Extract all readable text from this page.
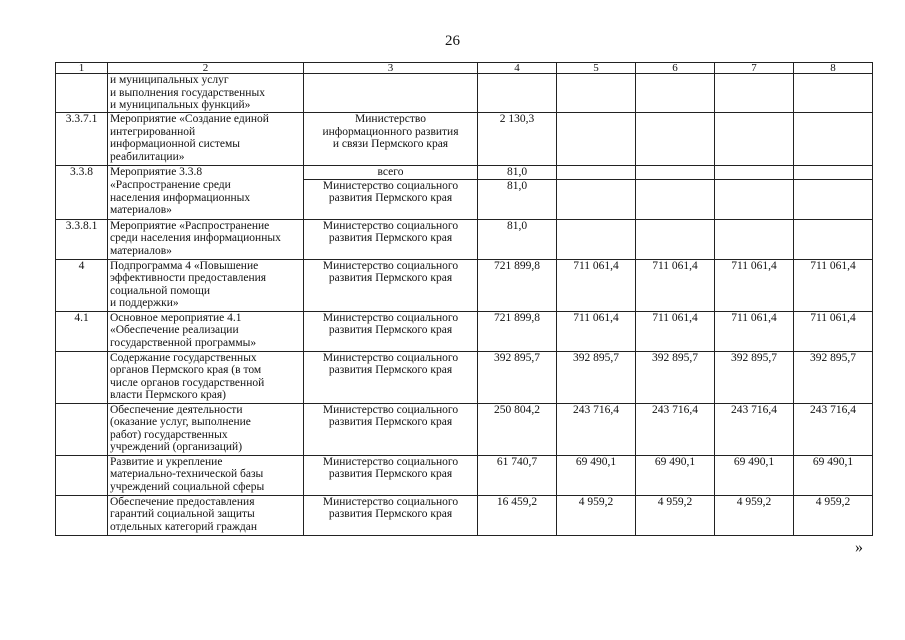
26
1	2	3	4	5	6	7	8
	и муниципальных услуг
и выполнения государственных
и муниципальных функций»						
3.3.7.1	Мероприятие «Создание единой
интегрированной
информационной системы
реабилитации»	Министерство
информационного развития
и связи Пермского края	2 130,3				
3.3.8	Мероприятие 3.3.8	всего	81,0				
	«Распространение среди
населения информационных
материалов»	Министерство социального
развития Пермского края	81,0				
3.3.8.1	Мероприятие «Распространение
среди населения информационных
материалов»	Министерство социального
развития Пермского края	81,0				
4	Подпрограмма 4 «Повышение
эффективности предоставления
социальной помощи
и поддержки»	Министерство социального
развития Пермского края	721 899,8	711 061,4	711 061,4	711 061,4	711 061,4
4.1	Основное мероприятие 4.1
«Обеспечение реализации
государственной программы»	Министерство социального
развития Пермского края	721 899,8	711 061,4	711 061,4	711 061,4	711 061,4
	Содержание государственных
органов Пермского края (в том
числе органов государственной
власти Пермского края)	Министерство социального
развития Пермского края	392 895,7	392 895,7	392 895,7	392 895,7	392 895,7
	Обеспечение деятельности
(оказание услуг, выполнение
работ) государственных
учреждений (организаций)	Министерство социального
развития Пермского края	250 804,2	243 716,4	243 716,4	243 716,4	243 716,4
	Развитие и укрепление
материально-технической базы
учреждений социальной сферы	Министерство социального
развития Пермского края	61 740,7	69 490,1	69 490,1	69 490,1	69 490,1
	Обеспечение предоставления
гарантий социальной защиты
отдельных категорий граждан	Министерство социального
развития Пермского края	16 459,2	4 959,2	4 959,2	4 959,2	4 959,2
»
